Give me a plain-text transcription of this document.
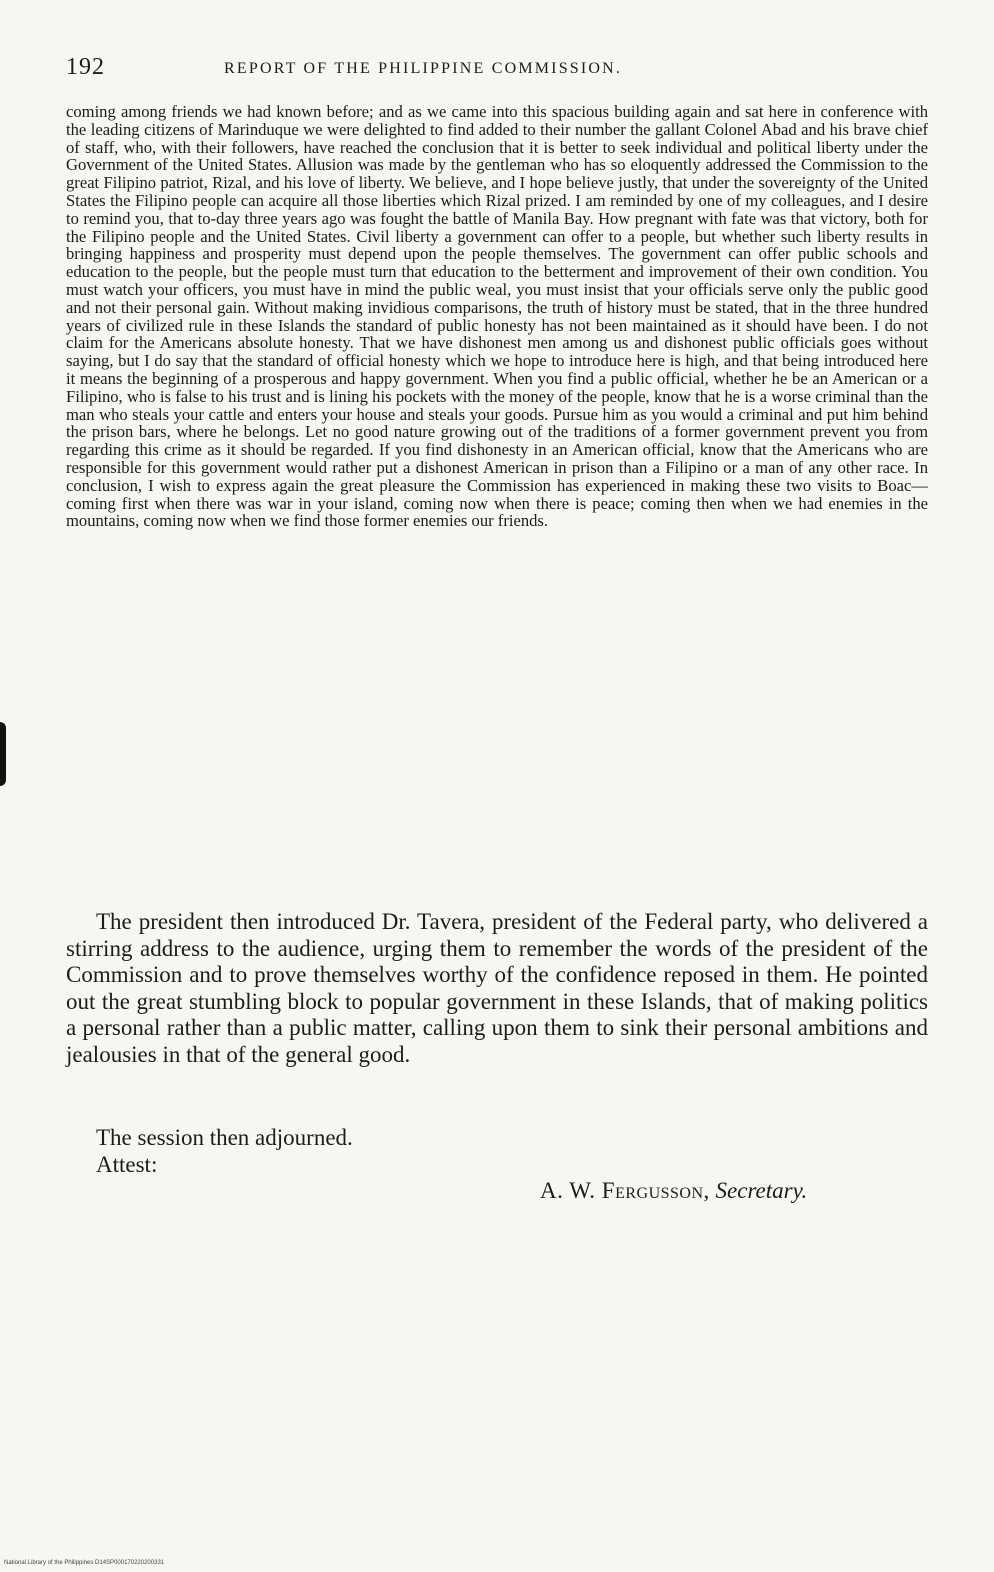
192	REPORT OF THE PHILIPPINE COMMISSION.

coming among friends we had known before; and as we came into this spacious building again and sat here in conference with the leading citizens of Marinduque we were delighted to find added to their number the gallant Colonel Abad and his brave chief of staff, who, with their followers, have reached the conclusion that it is better to seek individual and political liberty under the Government of the United States. Allusion was made by the gentleman who has so eloquently addressed the Commission to the great Filipino patriot, Rizal, and his love of liberty. We believe, and I hope believe justly, that under the sovereignty of the United States the Filipino people can acquire all those liberties which Rizal prized. I am reminded by one of my colleagues, and I desire to remind you, that to-day three years ago was fought the battle of Manila Bay. How pregnant with fate was that victory, both for the Filipino people and the United States. Civil liberty a government can offer to a people, but whether such liberty results in bringing happiness and prosperity must depend upon the people themselves. The government can offer public schools and education to the people, but the people must turn that education to the betterment and improvement of their own condition. You must watch your officers, you must have in mind the public weal, you must insist that your officials serve only the public good and not their personal gain. Without making invidious comparisons, the truth of history must be stated, that in the three hundred years of civilized rule in these Islands the standard of public honesty has not been maintained as it should have been. I do not claim for the Americans absolute honesty. That we have dishonest men among us and dishonest public officials goes without saying, but I do say that the standard of official honesty which we hope to introduce here is high, and that being introduced here it means the beginning of a prosperous and happy government. When you find a public official, whether he be an American or a Filipino, who is false to his trust and is lining his pockets with the money of the people, know that he is a worse criminal than the man who steals your cattle and enters your house and steals your goods. Pursue him as you would a criminal and put him behind the prison bars, where he belongs. Let no good nature growing out of the traditions of a former government prevent you from regarding this crime as it should be regarded. If you find dishonesty in an American official, know that the Americans who are responsible for this government would rather put a dishonest American in prison than a Filipino or a man of any other race. In conclusion, I wish to express again the great pleasure the Commission has experienced in making these two visits to Boac—coming first when there was war in your island, coming now when there is peace; coming then when we had enemies in the mountains, coming now when we find those former enemies our friends.

The president then introduced Dr. Tavera, president of the Federal party, who delivered a stirring address to the audience, urging them to remember the words of the president of the Commission and to prove themselves worthy of the confidence reposed in them. He pointed out the great stumbling block to popular government in these Islands, that of making politics a personal rather than a public matter, calling upon them to sink their personal ambitions and jealousies in that of the general good.

The session then adjourned.

Attest:

A. W. Fergusson, Secretary.
National Library of the Philippines D14SP000170220200331
